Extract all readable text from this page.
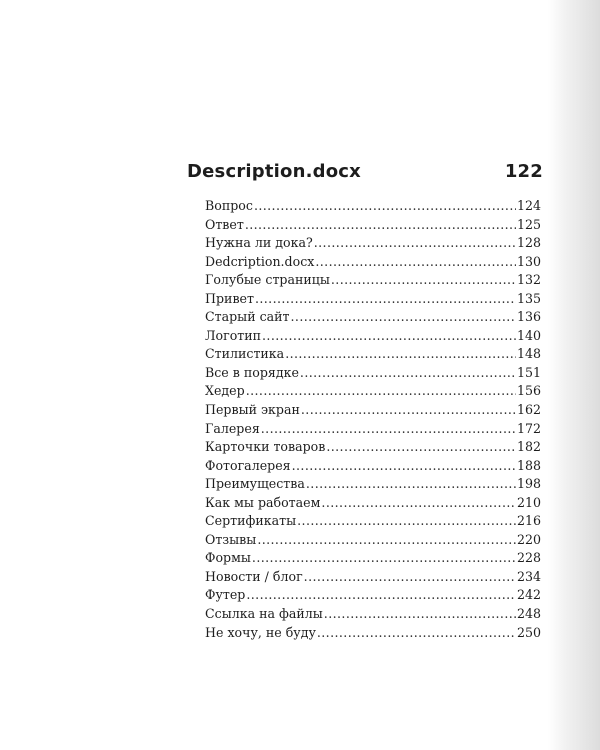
Description.docx	122
Вопрос .....	124
Ответ .....	125
Нужна ли дока? .....	128
Dedcription.docx .....	130
Голубые страницы .....	132
Привет .....	135
Старый сайт .....	136
Логотип .....	140
Стилистика .....	148
Все в порядке .....	151
Хедер .....	156
Первый экран .....	162
Галерея .....	172
Карточки товаров .....	182
Фотогалерея .....	188
Преимущества .....	198
Как мы работаем .....	210
Сертификаты .....	216
Отзывы .....	220
Формы .....	228
Новости / блог .....	234
Футер .....	242
Ссылка на файлы .....	248
Не хочу, не буду .....	250
